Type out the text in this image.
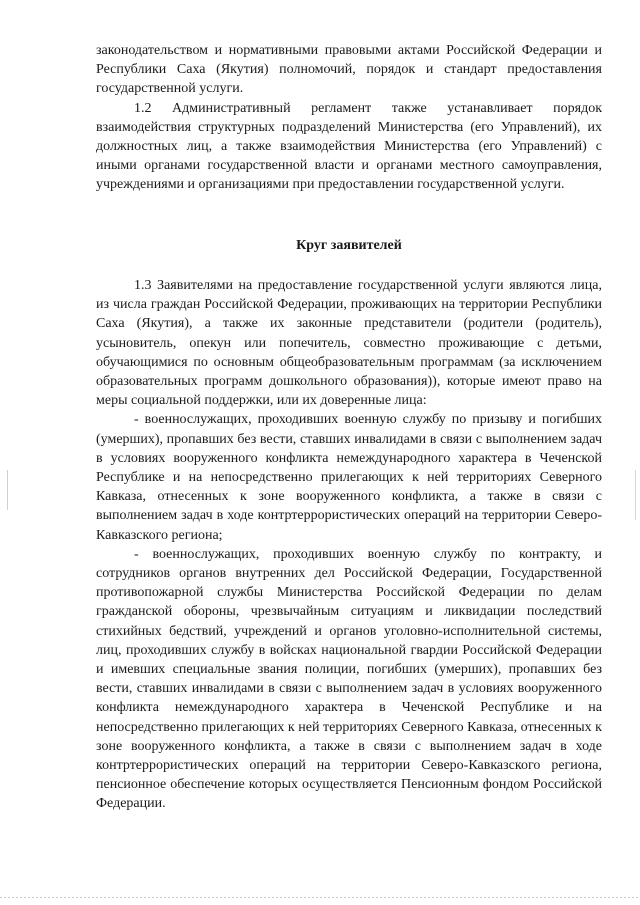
законодательством и нормативными правовыми актами Российской Федерации и Республики Саха (Якутия) полномочий, порядок и стандарт предоставления государственной услуги.

1.2 Административный регламент также устанавливает порядок взаимодействия структурных подразделений Министерства (его Управлений), их должностных лиц, а также взаимодействия Министерства (его Управлений) с иными органами государственной власти и органами местного самоуправления, учреждениями и организациями при предоставлении государственной услуги.

Круг заявителей

1.3 Заявителями на предоставление государственной услуги являются лица, из числа граждан Российской Федерации, проживающих на территории Республики Саха (Якутия), а также их законные представители (родители (родитель), усыновитель, опекун или попечитель, совместно проживающие с детьми, обучающимися по основным общеобразовательным программам (за исключением образовательных программ дошкольного образования)), которые имеют право на меры социальной поддержки, или их доверенные лица:

- военнослужащих, проходивших военную службу по призыву и погибших (умерших), пропавших без вести, ставших инвалидами в связи с выполнением задач в условиях вооруженного конфликта немеждународного характера в Чеченской Республике и на непосредственно прилегающих к ней территориях Северного Кавказа, отнесенных к зоне вооруженного конфликта, а также в связи с выполнением задач в ходе контртеррористических операций на территории Северо-Кавказского региона;

- военнослужащих, проходивших военную службу по контракту, и сотрудников органов внутренних дел Российской Федерации, Государственной противопожарной службы Министерства Российской Федерации по делам гражданской обороны, чрезвычайным ситуациям и ликвидации последствий стихийных бедствий, учреждений и органов уголовно-исполнительной системы, лиц, проходивших службу в войсках национальной гвардии Российской Федерации и имевших специальные звания полиции, погибших (умерших), пропавших без вести, ставших инвалидами в связи с выполнением задач в условиях вооруженного конфликта немеждународного характера в Чеченской Республике и на непосредственно прилегающих к ней территориях Северного Кавказа, отнесенных к зоне вооруженного конфликта, а также в связи с выполнением задач в ходе контртеррористических операций на территории Северо-Кавказского региона, пенсионное обеспечение которых осуществляется Пенсионным фондом Российской Федерации.
